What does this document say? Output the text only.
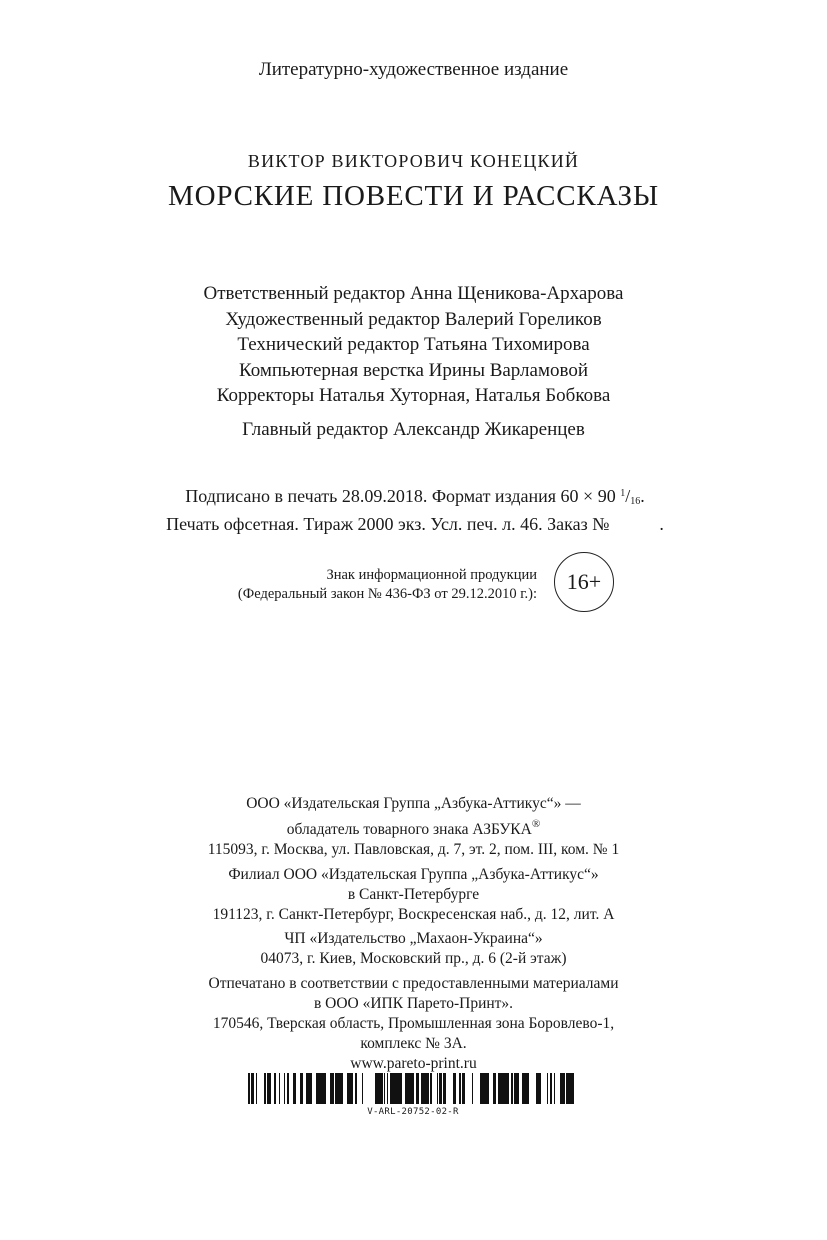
Литературно-художественное издание
ВИКТОР ВИКТОРОВИЧ КОНЕЦКИЙ
МОРСКИЕ ПОВЕСТИ И РАССКАЗЫ
Ответственный редактор Анна Щеникова-Архарова
Художественный редактор Валерий Гореликов
Технический редактор Татьяна Тихомирова
Компьютерная верстка Ирины Варламовой
Корректоры Наталья Хуторная, Наталья Бобкова
Главный редактор Александр Жикаренцев
Подписано в печать 28.09.2018. Формат издания 60 × 90 $^1/_{16}$.
Печать офсетная. Тираж 2000 экз. Усл. печ. л. 46. Заказ №	.
Знак информационной продукции
(Федеральный закон № 436-ФЗ от 29.12.2010 г.):	16+
ООО «Издательская Группа „Азбука-Аттикус“» —
обладатель товарного знака АЗБУКА®
115093, г. Москва, ул. Павловская, д. 7, эт. 2, пом. III, ком. № 1
Филиал ООО «Издательская Группа „Азбука-Аттикус“»
в Санкт-Петербурге
191123, г. Санкт-Петербург, Воскресенская наб., д. 12, лит. А
ЧП «Издательство „Махаон-Украина“»
04073, г. Киев, Московский пр., д. 6 (2-й этаж)
Отпечатано в соответствии с предоставленными материалами
в ООО «ИПК Парето-Принт».
170546, Тверская область, Промышленная зона Боровлево-1,
комплекс № 3А.
www.pareto-print.ru
V-ARL-20752-02-R
